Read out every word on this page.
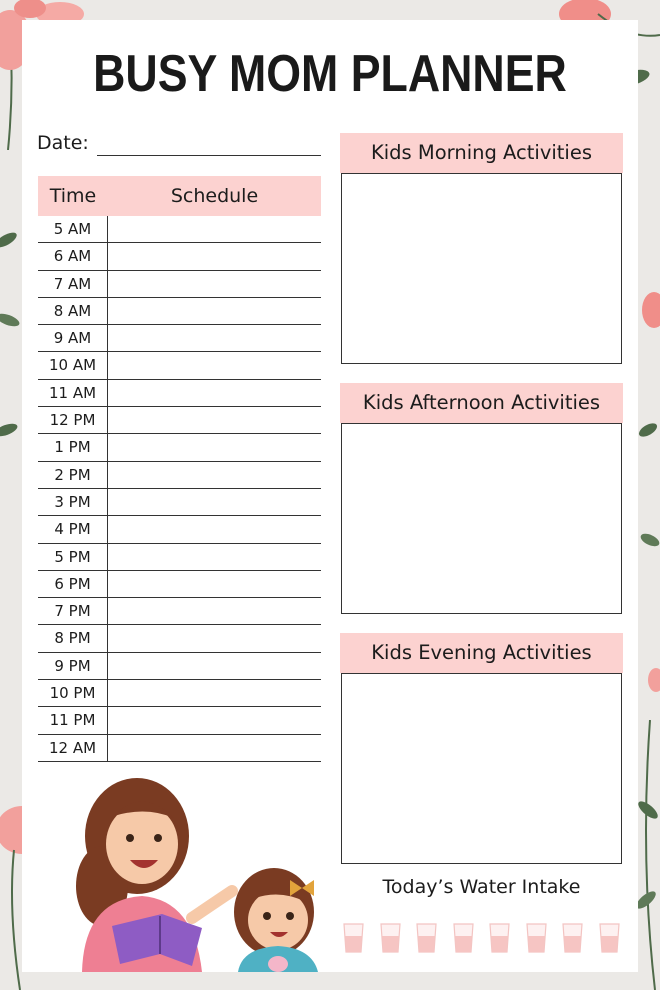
BUSY MOM PLANNER
Date:
Time	Schedule
5 AM
6 AM
7 AM
8 AM
9 AM
10 AM
11 AM
12 PM
1 PM
2 PM
3 PM
4 PM
5 PM
6 PM
7 PM
8 PM
9 PM
10 PM
11 PM
12 AM
Kids Morning Activities
Kids Afternoon Activities
Kids Evening Activities
Today’s Water Intake
